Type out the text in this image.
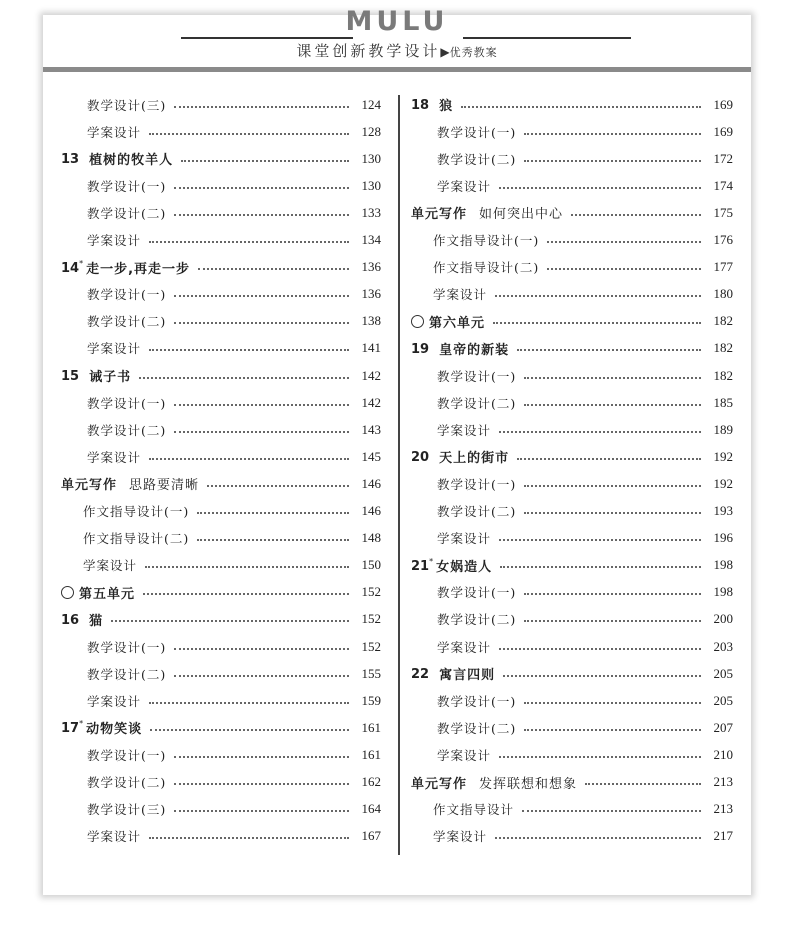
MULU
课堂创新教学设计▶优秀教案
教学设计(三)	124
学案设计	128
13 植树的牧羊人	130
教学设计(一)	130
教学设计(二)	133
学案设计	134
14* 走一步,再走一步	136
教学设计(一)	136
教学设计(二)	138
学案设计	141
15 诫子书	142
教学设计(一)	142
教学设计(二)	143
学案设计	145
单元写作 思路要清晰	146
作文指导设计(一)	146
作文指导设计(二)	148
学案设计	150
第五单元	152
16 猫	152
教学设计(一)	152
教学设计(二)	155
学案设计	159
17* 动物笑谈	161
教学设计(一)	161
教学设计(二)	162
教学设计(三)	164
学案设计	167
18 狼	169
教学设计(一)	169
教学设计(二)	172
学案设计	174
单元写作 如何突出中心	175
作文指导设计(一)	176
作文指导设计(二)	177
学案设计	180
第六单元	182
19 皇帝的新装	182
教学设计(一)	182
教学设计(二)	185
学案设计	189
20 天上的街市	192
教学设计(一)	192
教学设计(二)	193
学案设计	196
21* 女娲造人	198
教学设计(一)	198
教学设计(二)	200
学案设计	203
22 寓言四则	205
教学设计(一)	205
教学设计(二)	207
学案设计	210
单元写作 发挥联想和想象	213
作文指导设计	213
学案设计	217
